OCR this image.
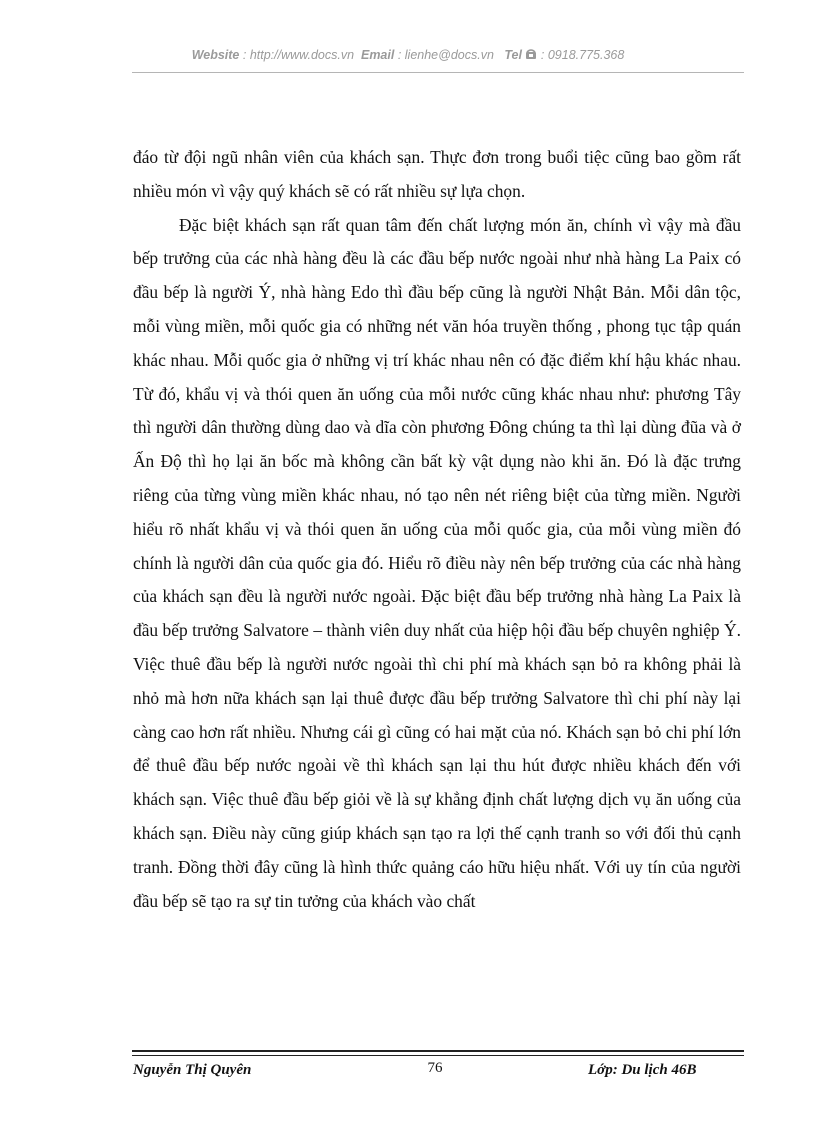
Website : http://www.docs.vn Email : lienhe@docs.vn Tel  : 0918.775.368

đáo từ đội ngũ nhân viên của khách sạn. Thực đơn trong buổi tiệc cũng bao gồm rất nhiều món vì vậy quý khách sẽ có rất nhiều sự lựa chọn.

Đặc biệt khách sạn rất quan tâm đến chất lượng món ăn, chính vì vậy mà đầu bếp trưởng của các nhà hàng đều là các đầu bếp nước ngoài như nhà hàng La Paix có đầu bếp là người Ý, nhà hàng Edo thì đầu bếp cũng là người Nhật Bản. Mỗi dân tộc, mỗi vùng miền, mỗi quốc gia có những nét văn hóa truyền thống , phong tục tập quán khác nhau. Mỗi quốc gia ở những vị trí khác nhau nên có đặc điểm khí hậu khác nhau. Từ đó, khẩu vị và thói quen ăn uống của mỗi nước cũng khác nhau như: phương Tây thì người dân thường dùng dao và dĩa còn phương Đông chúng ta thì lại dùng đũa và ở Ấn Độ thì họ lại ăn bốc mà không cần bất kỳ vật dụng nào khi ăn. Đó là đặc trưng riêng của từng vùng miền khác nhau, nó tạo nên nét riêng biệt của từng miền. Người hiểu rõ nhất khẩu vị và thói quen ăn uống của mỗi quốc gia, của mỗi vùng miền đó chính là người dân của quốc gia đó. Hiểu rõ điều này nên bếp trưởng của các nhà hàng của khách sạn đều là người nước ngoài. Đặc biệt đầu bếp trưởng nhà hàng La Paix là đầu bếp trưởng Salvatore – thành viên duy nhất của hiệp hội đầu bếp chuyên nghiệp Ý. Việc thuê đầu bếp là người nước ngoài thì chi phí mà khách sạn bỏ ra không phải là nhỏ mà hơn nữa khách sạn lại thuê được đầu bếp trưởng Salvatore thì chi phí này lại càng cao hơn rất nhiều. Nhưng cái gì cũng có hai mặt của nó. Khách sạn bỏ chi phí lớn để thuê đầu bếp nước ngoài về thì khách sạn lại thu hút được nhiều khách đến với khách sạn. Việc thuê đầu bếp giỏi về là sự khẳng định chất lượng dịch vụ ăn uống của khách sạn. Điều này cũng giúp khách sạn tạo ra lợi thế cạnh tranh so với đối thủ cạnh tranh. Đồng thời đây cũng là hình thức quảng cáo hữu hiệu nhất. Với uy tín của người đầu bếp sẽ tạo ra sự tin tưởng của khách vào chất

Nguyễn Thị Quyên	76	Lớp: Du lịch 46B
